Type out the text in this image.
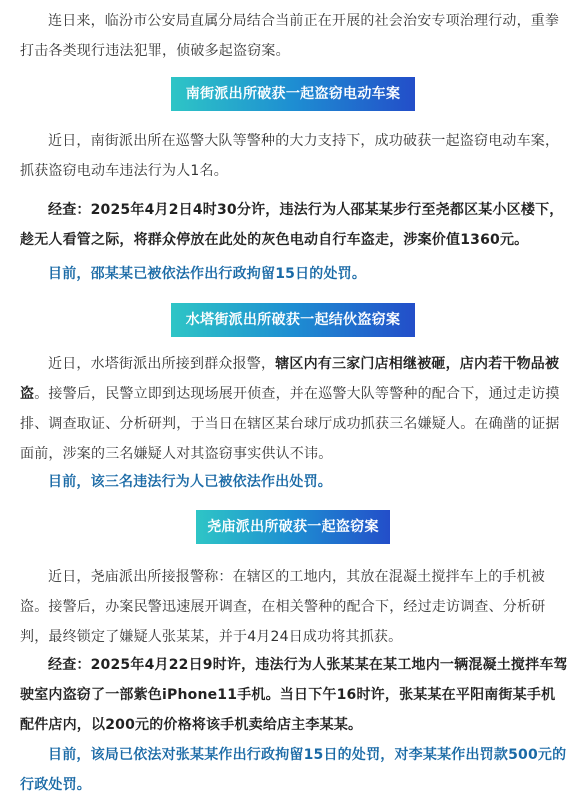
连日来，临汾市公安局直属分局结合当前正在开展的社会治安专项治理行动，重拳打击各类现行违法犯罪，侦破多起盗窃案。

南街派出所破获一起盗窃电动车案

近日，南街派出所在巡警大队等警种的大力支持下，成功破获一起盗窃电动车案，抓获盗窃电动车违法行为人1名。

经查：2025年4月2日4时30分许，违法行为人邵某某步行至尧都区某小区楼下，趁无人看管之际，将群众停放在此处的灰色电动自行车盗走，涉案价值1360元。

目前，邵某某已被依法作出行政拘留15日的处罚。

水塔街派出所破获一起结伙盗窃案

近日，水塔街派出所接到群众报警，辖区内有三家门店相继被砸，店内若干物品被盗。接警后，民警立即到达现场展开侦查，并在巡警大队等警种的配合下，通过走访摸排、调查取证、分析研判，于当日在辖区某台球厅成功抓获三名嫌疑人。在确凿的证据面前，涉案的三名嫌疑人对其盗窃事实供认不讳。

目前，该三名违法行为人已被依法作出处罚。

尧庙派出所破获一起盗窃案

近日，尧庙派出所接报警称：在辖区的工地内，其放在混凝土搅拌车上的手机被盗。接警后，办案民警迅速展开调查，在相关警种的配合下，经过走访调查、分析研判，最终锁定了嫌疑人张某某，并于4月24日成功将其抓获。

经查：2025年4月22日9时许，违法行为人张某某在某工地内一辆混凝土搅拌车驾驶室内盗窃了一部紫色iPhone11手机。当日下午16时许，张某某在平阳南街某手机配件店内，以200元的价格将该手机卖给店主李某某。

目前，该局已依法对张某某作出行政拘留15日的处罚，对李某某作出罚款500元的行政处罚。
